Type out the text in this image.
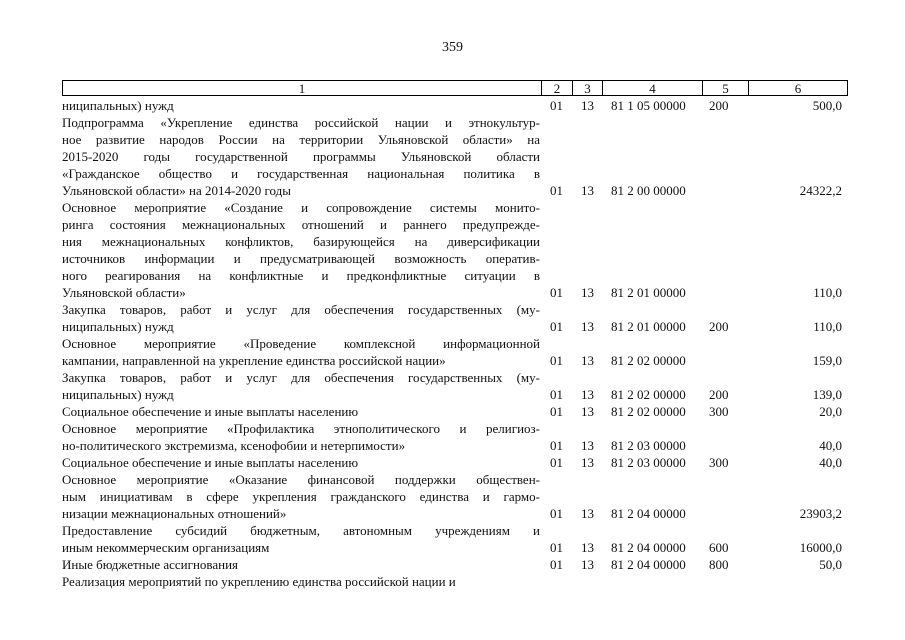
359
1	2	3	4	5	6
ниципальных) нужд	01 13 81 1 05 00000 200	500,0
Подпрограмма «Укрепление единства российской нации и этнокультур-
ное развитие народов России на территории Ульяновской области» на
2015-2020 годы государственной программы Ульяновской области
«Гражданское общество и государственная национальная политика в
Ульяновской области» на 2014-2020 годы	01 13 81 2 00 00000	24322,2
Основное мероприятие «Создание и сопровождение системы монито-
ринга состояния межнациональных отношений и раннего предупрежде-
ния межнациональных конфликтов, базирующейся на диверсификации
источников информации и предусматривающей возможность оператив-
ного реагирования на конфликтные и предконфликтные ситуации в
Ульяновской области»	01 13 81 2 01 00000	110,0
Закупка товаров, работ и услуг для обеспечения государственных (му-
ниципальных) нужд	01 13 81 2 01 00000 200	110,0
Основное мероприятие «Проведение комплексной информационной
кампании, направленной на укрепление единства российской нации»	01 13 81 2 02 00000	159,0
Закупка товаров, работ и услуг для обеспечения государственных (му-
ниципальных) нужд	01 13 81 2 02 00000 200	139,0
Социальное обеспечение и иные выплаты населению	01 13 81 2 02 00000 300	20,0
Основное мероприятие «Профилактика этнополитического и религиоз-
но-политического экстремизма, ксенофобии и нетерпимости»	01 13 81 2 03 00000	40,0
Социальное обеспечение и иные выплаты населению	01 13 81 2 03 00000 300	40,0
Основное мероприятие «Оказание финансовой поддержки обществен-
ным инициативам в сфере укрепления гражданского единства и гармо-
низации межнациональных отношений»	01 13 81 2 04 00000	23903,2
Предоставление субсидий бюджетным, автономным учреждениям и
иным некоммерческим организациям	01 13 81 2 04 00000 600	16000,0
Иные бюджетные ассигнования	01 13 81 2 04 00000 800	50,0
Реализация мероприятий по укреплению единства российской нации и
